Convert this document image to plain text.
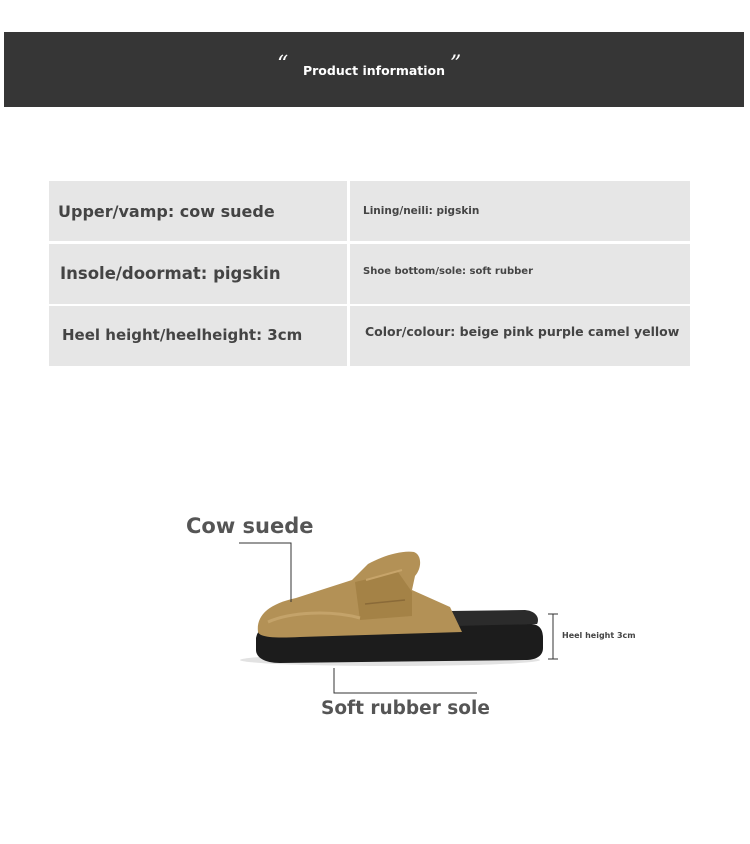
“	Product information ”
Upper/vamp: cow suede	Lining/neili: pigskin
Insole/doormat: pigskin	Shoe bottom/sole: soft rubber
Heel height/heelheight: 3cm	Color/colour: beige pink purple camel yellow
Cow suede
Heel height 3cm
Soft rubber sole
